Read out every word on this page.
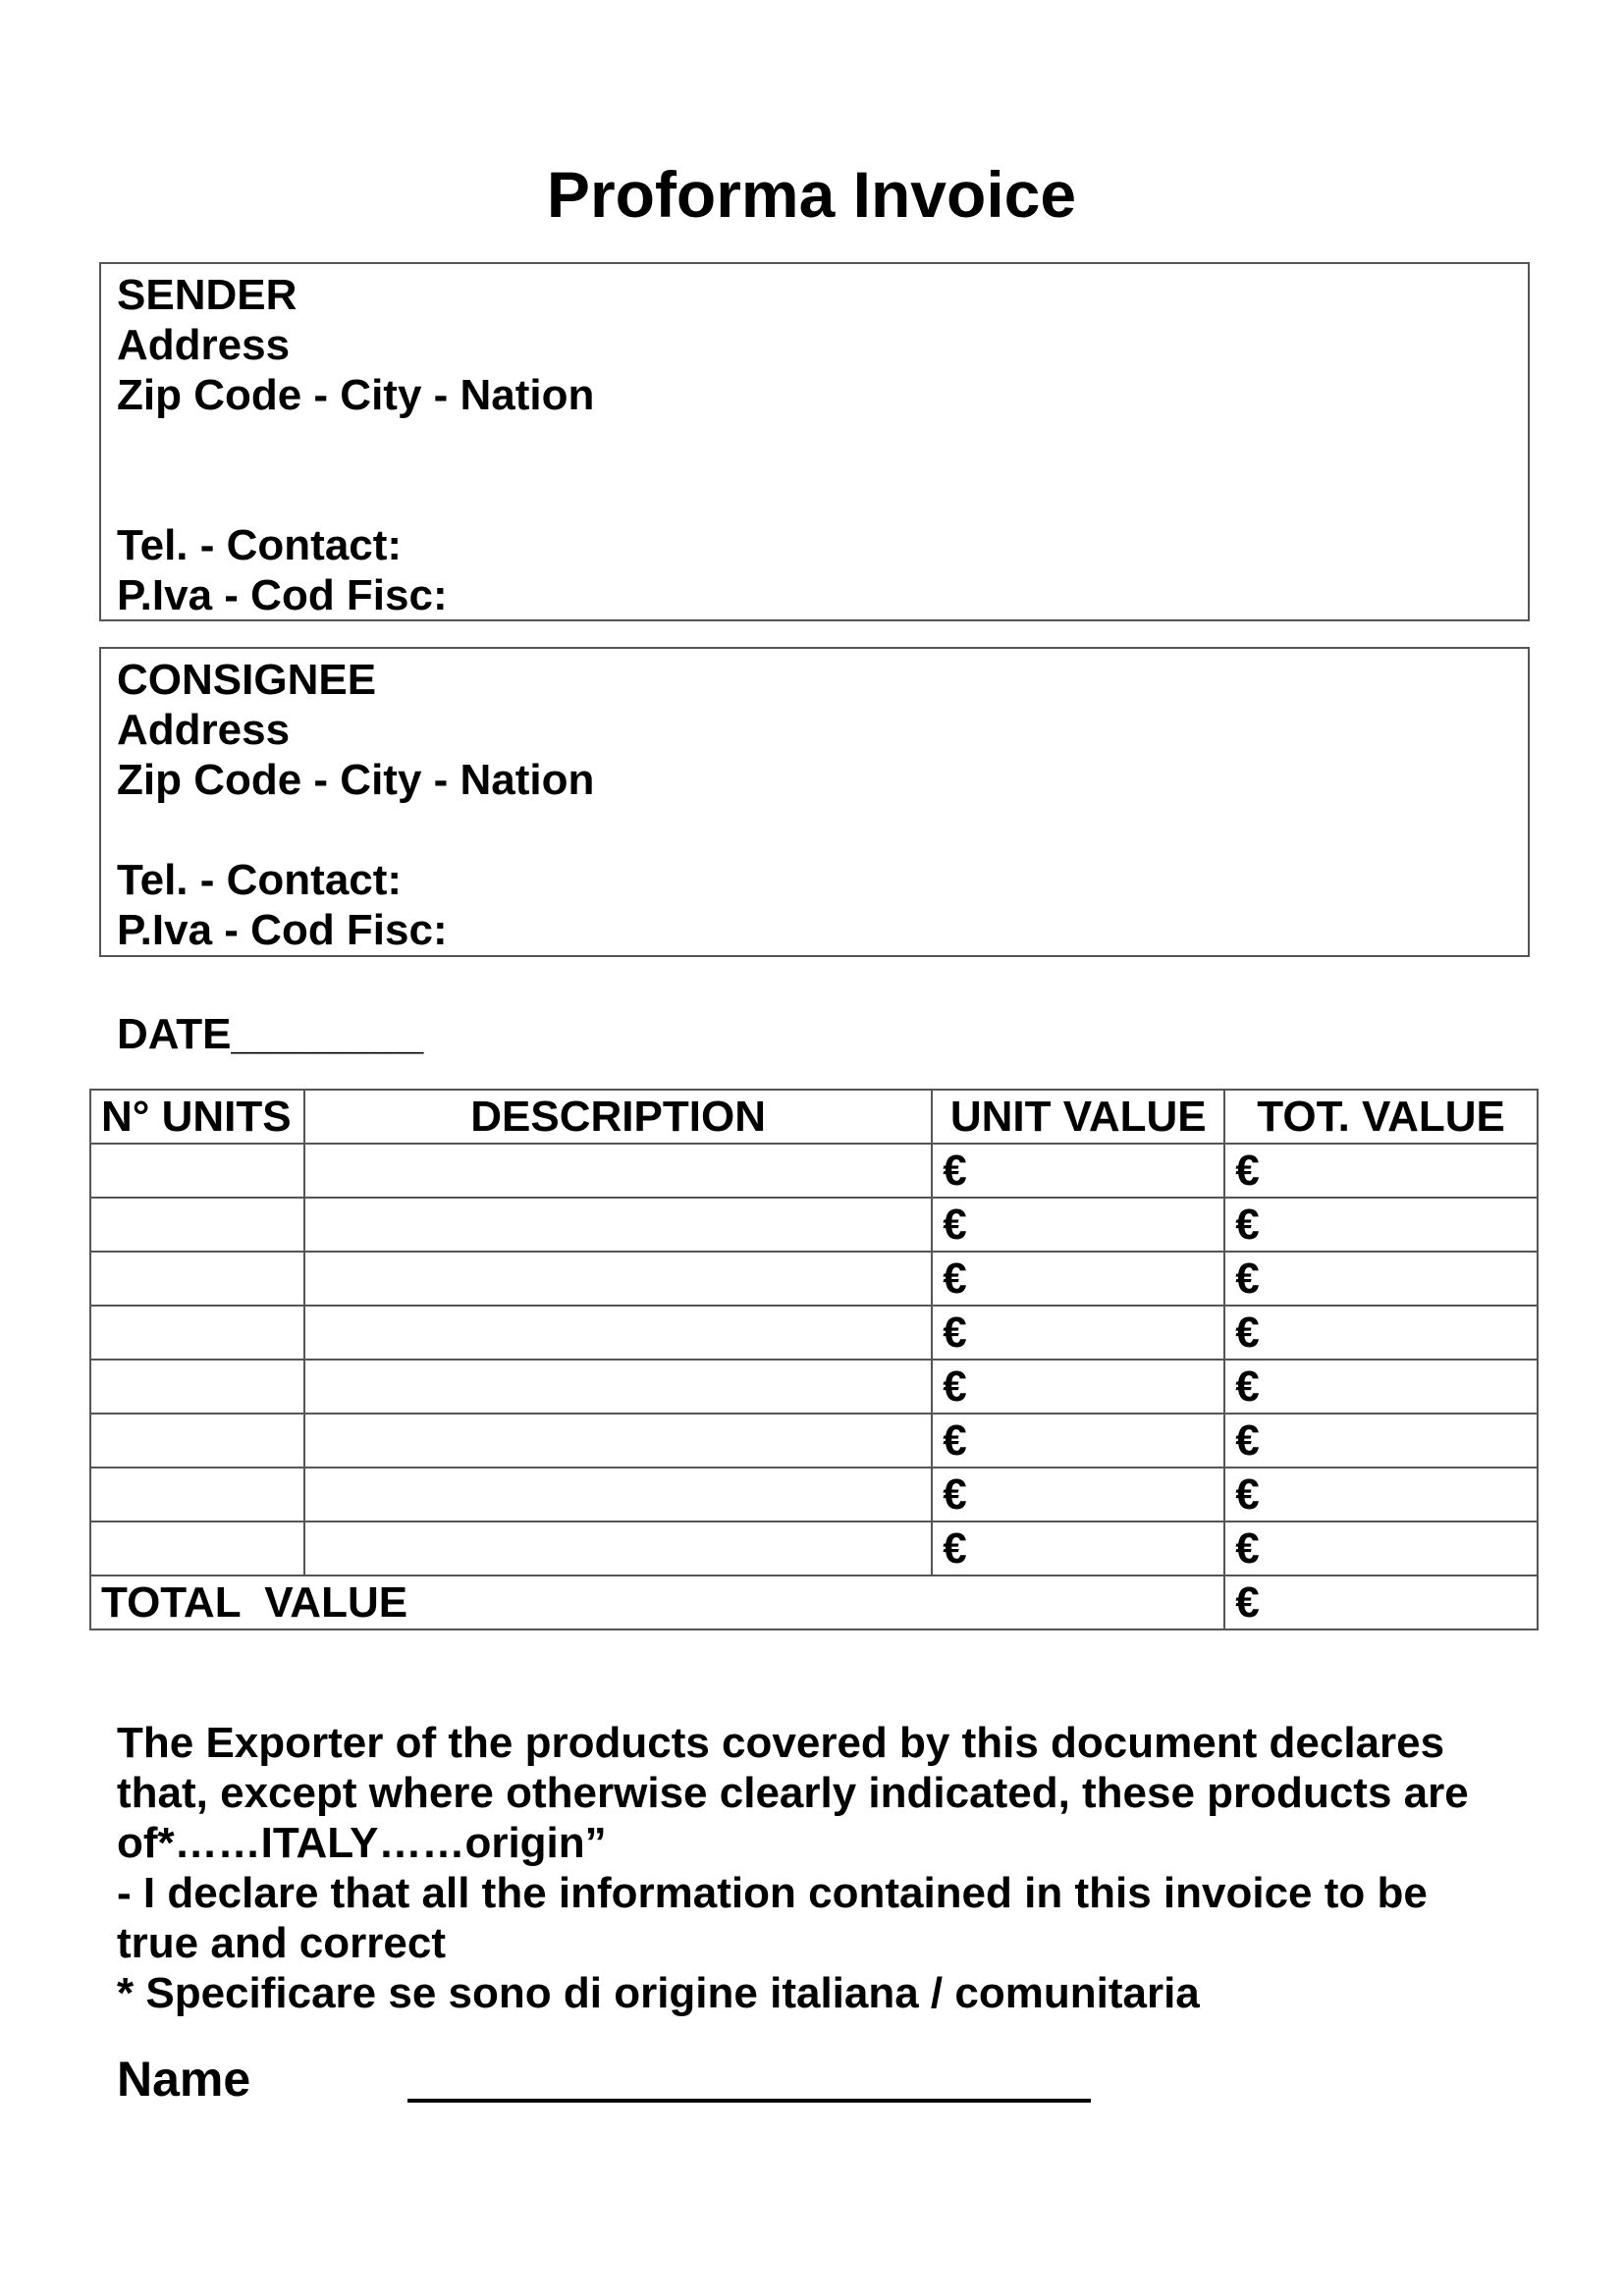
Proforma Invoice
SENDER
Address
Zip Code - City - Nation
Tel. - Contact:
P.Iva - Cod Fisc:
CONSIGNEE
Address
Zip Code - City - Nation
Tel. - Contact:
P.Iva - Cod Fisc:
DATE________
N° UNITS	DESCRIPTION	UNIT VALUE	TOT. VALUE
		€	€
		€	€
		€	€
		€	€
		€	€
		€	€
		€	€
		€	€
TOTAL  VALUE			€
The Exporter of the products covered by this document declares
that, except where otherwise clearly indicated, these products are
of*……ITALY……origin”
- I declare that all the information contained in this invoice to be
true and correct
* Specificare se sono di origine italiana / comunitaria
Name
